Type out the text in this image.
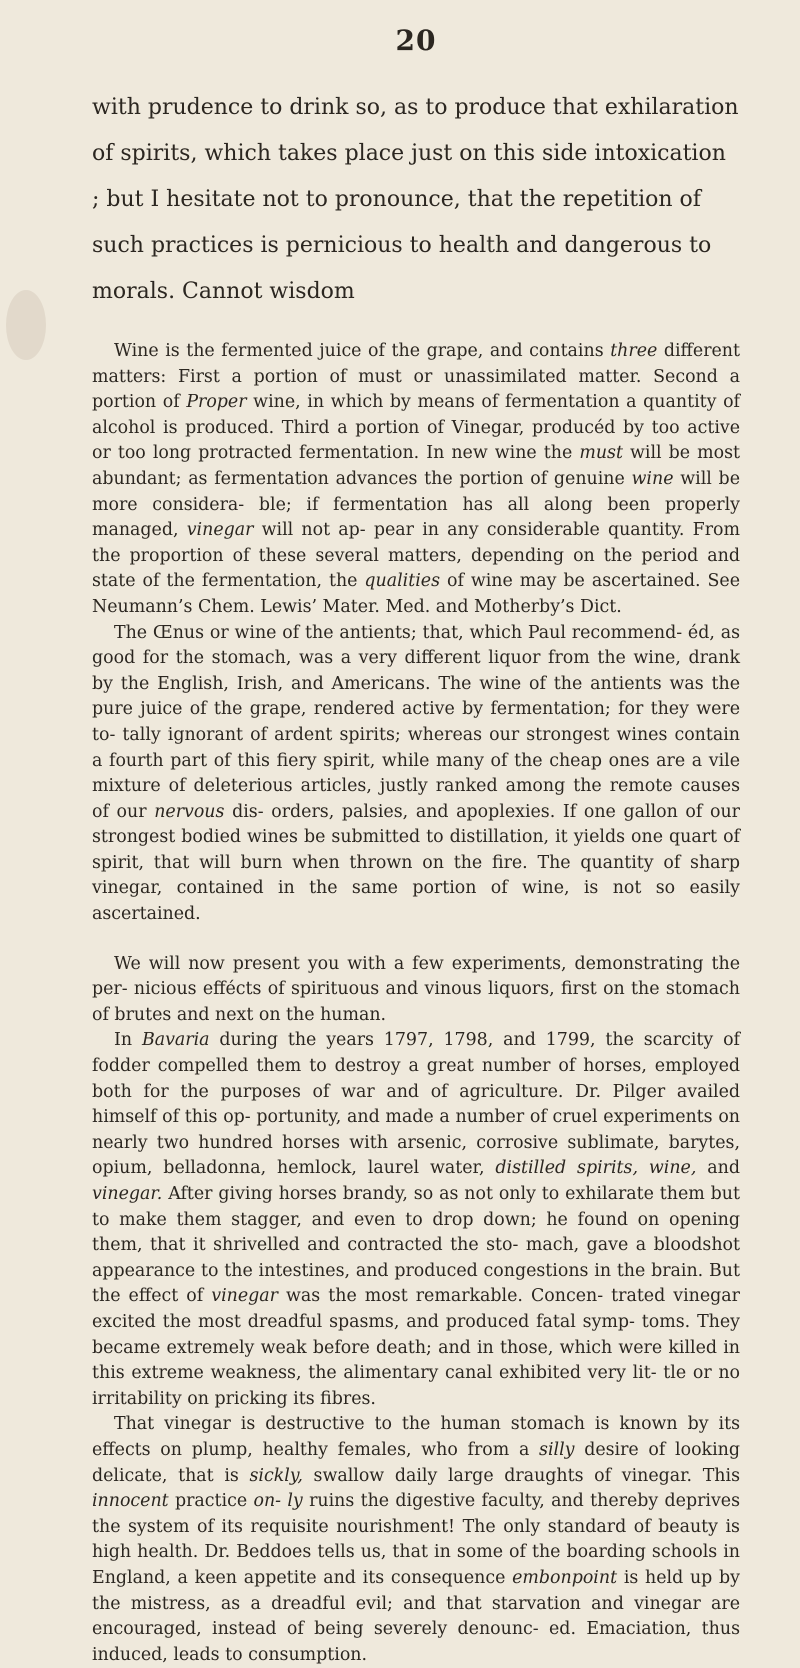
20
with prudence to drink so, as to produce that exhilaration of spirits, which takes place just on this side intoxication ; but I hesitate not to pronounce, that the repetition of such practices is pernicious to health and dangerous to morals. Cannot wisdom

Wine is the fermented juice of the grape, and contains three different matters: First a portion of must or unassimilated matter. Second a portion of Proper wine, in which by means of fermentation a quantity of alcohol is produced. Third a portion of Vinegar, producéd by too active or too long protracted fermentation. In new wine the must will be most abundant; as fermentation advances the portion of genuine wine will be more considera- ble; if fermentation has all along been properly managed, vinegar will not ap- pear in any considerable quantity. From the proportion of these several matters, depending on the period and state of the fermentation, the qualities of wine may be ascertained. See Neumann’s Chem. Lewis’ Mater. Med. and Motherby’s Dict.

The Œnus or wine of the antients; that, which Paul recommend- éd, as good for the stomach, was a very different liquor from the wine, drank by the English, Irish, and Americans. The wine of the antients was the pure juice of the grape, rendered active by fermentation; for they were to- tally ignorant of ardent spirits; whereas our strongest wines contain a fourth part of this fiery spirit, while many of the cheap ones are a vile mixture of deleterious articles, justly ranked among the remote causes of our nervous dis- orders, palsies, and apoplexies. If one gallon of our strongest bodied wines be submitted to distillation, it yields one quart of spirit, that will burn when thrown on the fire. The quantity of sharp vinegar, contained in the same portion of wine, is not so easily ascertained.

We will now present you with a few experiments, demonstrating the per- nicious effécts of spirituous and vinous liquors, first on the stomach of brutes and next on the human.

In Bavaria during the years 1797, 1798, and 1799, the scarcity of fodder compelled them to destroy a great number of horses, employed both for the purposes of war and of agriculture. Dr. Pilger availed himself of this op- portunity, and made a number of cruel experiments on nearly two hundred horses with arsenic, corrosive sublimate, barytes, opium, belladonna, hemlock, laurel water, distilled spirits, wine, and vinegar. After giving horses brandy, so as not only to exhilarate them but to make them stagger, and even to drop down; he found on opening them, that it shrivelled and contracted the sto- mach, gave a bloodshot appearance to the intestines, and produced congestions in the brain. But the effect of vinegar was the most remarkable. Concen- trated vinegar excited the most dreadful spasms, and produced fatal symp- toms. They became extremely weak before death; and in those, which were killed in this extreme weakness, the alimentary canal exhibited very lit- tle or no irritability on pricking its fibres.

That vinegar is destructive to the human stomach is known by its effects on plump, healthy females, who from a silly desire of looking delicate, that is sickly, swallow daily large draughts of vinegar. This innocent practice on- ly ruins the digestive faculty, and thereby deprives the system of its requisite nourishment! The only standard of beauty is high health. Dr. Beddoes tells us, that in some of the boarding schools in England, a keen appetite and its consequence embonpoint is held up by the mistress, as a dreadful evil; and that starvation and vinegar are encouraged, instead of being severely denounc- ed. Emaciation, thus induced, leads to consumption.
